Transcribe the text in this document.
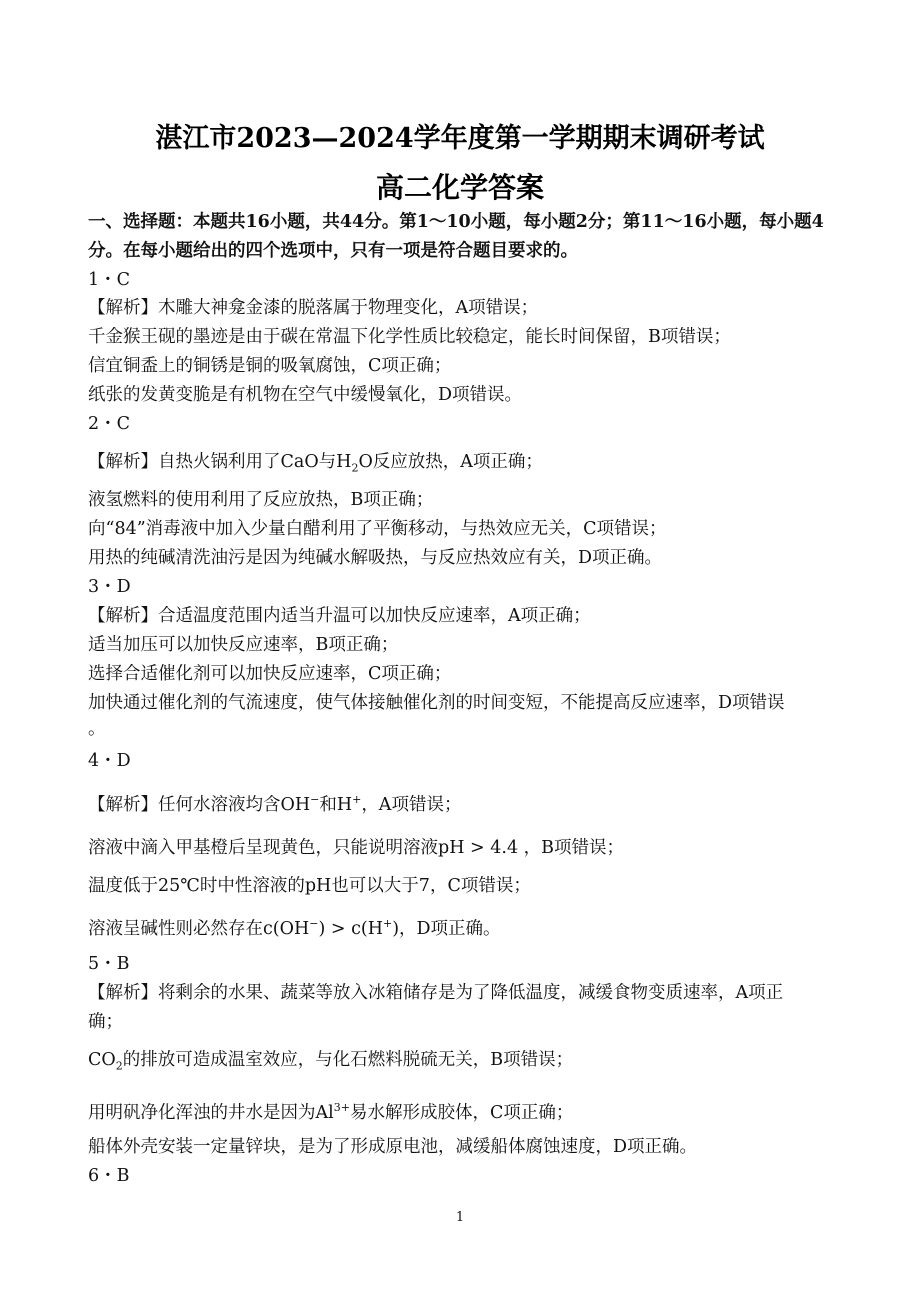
湛江市2023—2024学年度第一学期期末调研考试
高二化学答案
一、选择题：本题共16小题，共44分。第1～10小题，每小题2分；第11～16小题，每小题4
分。在每小题给出的四个选项中，只有一项是符合题目要求的。
1・C
【解析】木雕大神龛金漆的脱落属于物理变化，A项错误；
千金猴王砚的墨迹是由于碳在常温下化学性质比较稳定，能长时间保留，B项错误；
信宜铜盉上的铜锈是铜的吸氧腐蚀，C项正确；
纸张的发黄变脆是有机物在空气中缓慢氧化，D项错误。
2・C
【解析】自热火锅利用了CaO与$H_2O$反应放热，A项正确；
液氢燃料的使用利用了反应放热，B项正确；
向“84”消毒液中加入少量白醋利用了平衡移动，与热效应无关，C项错误；
用热的纯碱清洗油污是因为纯碱水解吸热，与反应热效应有关，D项正确。
3・D
【解析】合适温度范围内适当升温可以加快反应速率，A项正确；
适当加压可以加快反应速率，B项正确；
选择合适催化剂可以加快反应速率，C项正确；
加快通过催化剂的气流速度，使气体接触催化剂的时间变短，不能提高反应速率，D项错误
。
4・D
【解析】任何水溶液均含OH−和H+，A项错误；
溶液中滴入甲基橙后呈现黄色，只能说明溶液pH > 4.4 ，B项错误；
温度低于25℃时中性溶液的pH也可以大于7，C项错误；
溶液呈碱性则必然存在c(OH−) > c(H+)，D项正确。
5・B
【解析】将剩余的水果、蔬菜等放入冰箱储存是为了降低温度，减缓食物变质速率，A项正
确；
$CO_2$的排放可造成温室效应，与化石燃料脱硫无关，B项错误；
用明矾净化浑浊的井水是因为$Al^{3+}$易水解形成胶体，C项正确；
船体外壳安装一定量锌块，是为了形成原电池，减缓船体腐蚀速度，D项正确。
6・B
1
